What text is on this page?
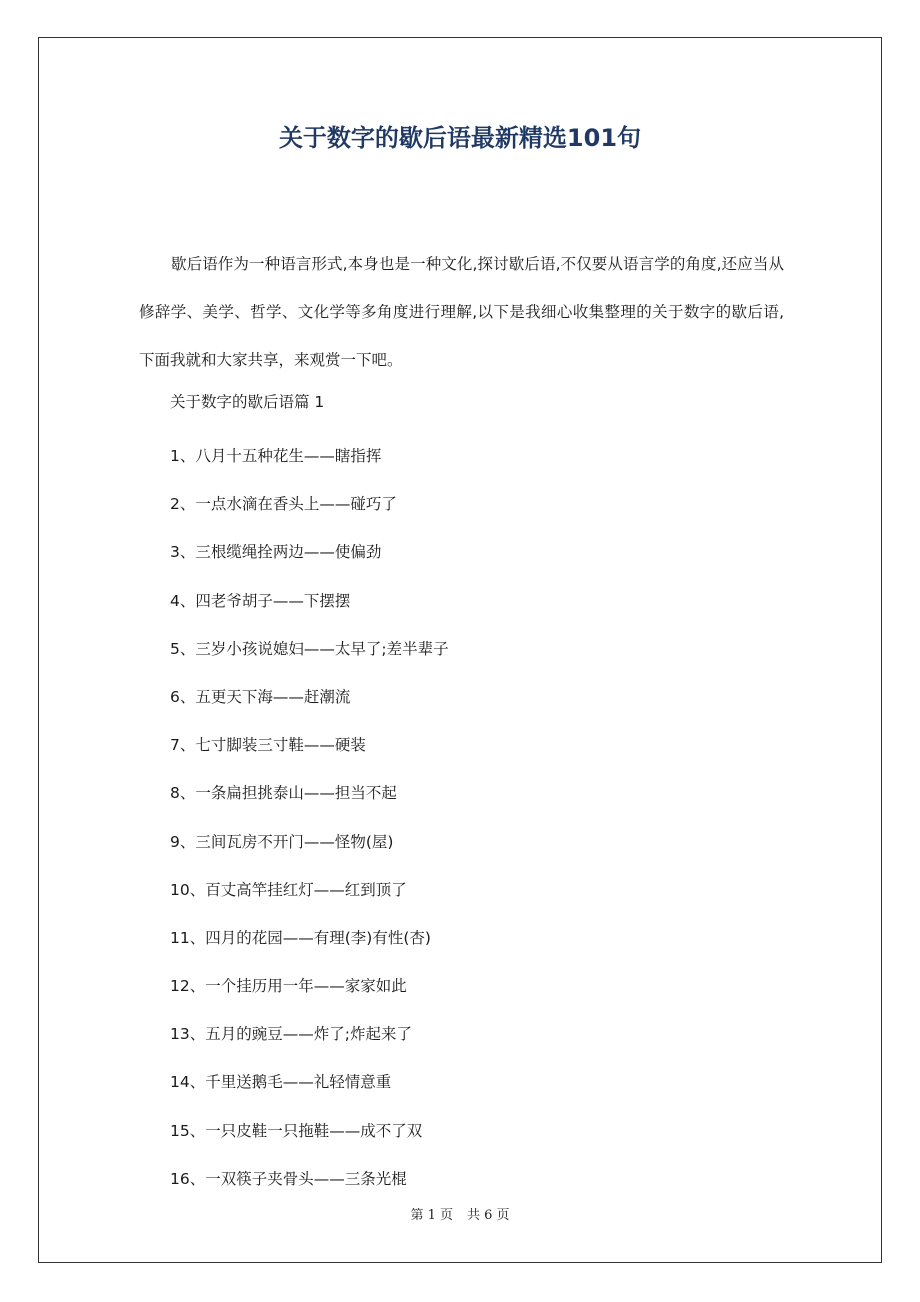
关于数字的歇后语最新精选101句

歇后语作为一种语言形式,本身也是一种文化,探讨歇后语,不仅要从语言学的角度,还应当从修辞学、美学、哲学、文化学等多角度进行理解,以下是我细心收集整理的关于数字的歇后语,下面我就和大家共享，来观赏一下吧。

关于数字的歇后语篇 1
1、八月十五种花生——瞎指挥
2、一点水滴在香头上——碰巧了
3、三根缆绳拴两边——使偏劲
4、四老爷胡子——下摆摆
5、三岁小孩说媳妇——太早了;差半辈子
6、五更天下海——赶潮流
7、七寸脚装三寸鞋——硬装
8、一条扁担挑泰山——担当不起
9、三间瓦房不开门——怪物(屋)
10、百丈高竿挂红灯——红到顶了
11、四月的花园——有理(李)有性(杏)
12、一个挂历用一年——家家如此
13、五月的豌豆——炸了;炸起来了
14、千里送鹅毛——礼轻情意重
15、一只皮鞋一只拖鞋——成不了双
16、一双筷子夹骨头——三条光棍
第 1 页 共 6 页
